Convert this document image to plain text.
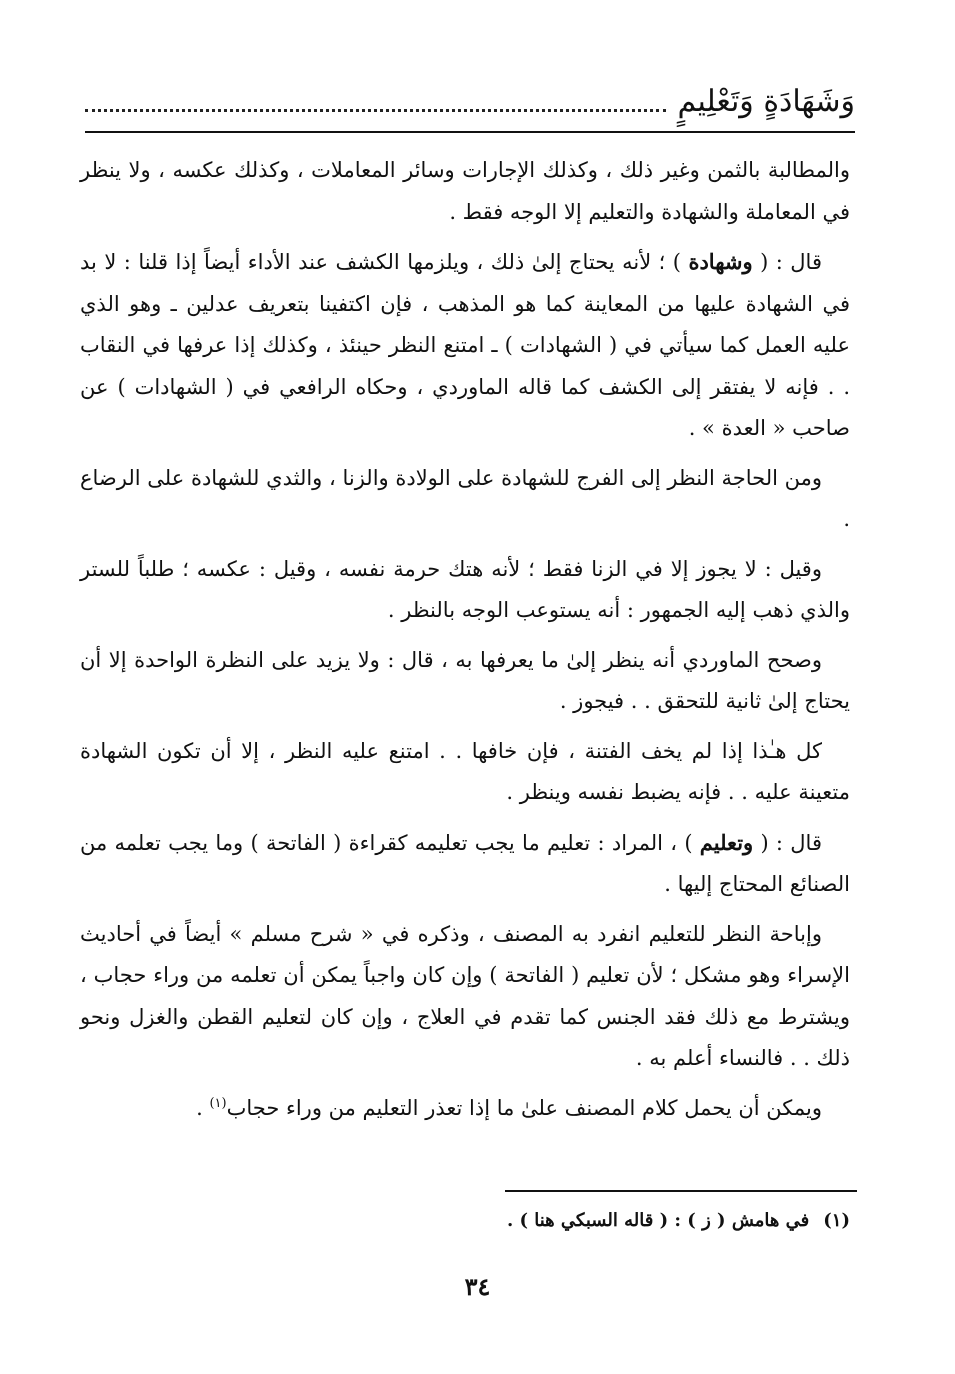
وَشَهَادَةٍ وَتَعْلِيمٍ

والمطالبة بالثمن وغير ذلك ، وكذلك الإجارات وسائر المعاملات ، وكذلك عكسه ، ولا ينظر في المعاملة والشهادة والتعليم إلا الوجه فقط .

قال : ( وشهادة ) ؛ لأنه يحتاج إلىٰ ذلك ، ويلزمها الكشف عند الأداء أيضاً إذا قلنا : لا بد في الشهادة عليها من المعاينة كما هو المذهب ، فإن اكتفينا بتعريف عدلين ـ وهو الذي عليه العمل كما سيأتي في ( الشهادات ) ـ امتنع النظر حينئذ ، وكذلك إذا عرفها في النقاب . . فإنه لا يفتقر إلى الكشف كما قاله الماوردي ، وحكاه الرافعي في ( الشهادات ) عن صاحب « العدة » .

ومن الحاجة النظر إلى الفرج للشهادة على الولادة والزنا ، والثدي للشهادة على الرضاع .

وقيل : لا يجوز إلا في الزنا فقط ؛ لأنه هتك حرمة نفسه ، وقيل : عكسه ؛ طلباً للستر والذي ذهب إليه الجمهور : أنه يستوعب الوجه بالنظر .

وصحح الماوردي أنه ينظر إلىٰ ما يعرفها به ، قال : ولا يزيد على النظرة الواحدة إلا أن يحتاج إلىٰ ثانية للتحقق . . فيجوز .

كل هـٰذا إذا لم يخف الفتنة ، فإن خافها . . امتنع عليه النظر ، إلا أن تكون الشهادة متعينة عليه . . فإنه يضبط نفسه وينظر .

قال : ( وتعليم ) ، المراد : تعليم ما يجب تعليمه كقراءة ( الفاتحة ) وما يجب تعلمه من الصنائع المحتاج إليها .

وإباحة النظر للتعليم انفرد به المصنف ، وذكره في « شرح مسلم » أيضاً في أحاديث الإسراء وهو مشكل ؛ لأن تعليم ( الفاتحة ) وإن كان واجباً يمكن أن تعلمه من وراء حجاب ، ويشترط مع ذلك فقد الجنس كما تقدم في العلاج ، وإن كان لتعليم القطن والغزل ونحو ذلك . . فالنساء أعلم به .

ويمكن أن يحمل كلام المصنف علىٰ ما إذا تعذر التعليم من وراء حجاب$^{(١)}$ .

(١)في هامش ( ز ) : ( قاله السبكي هنا ) .
٣٤
